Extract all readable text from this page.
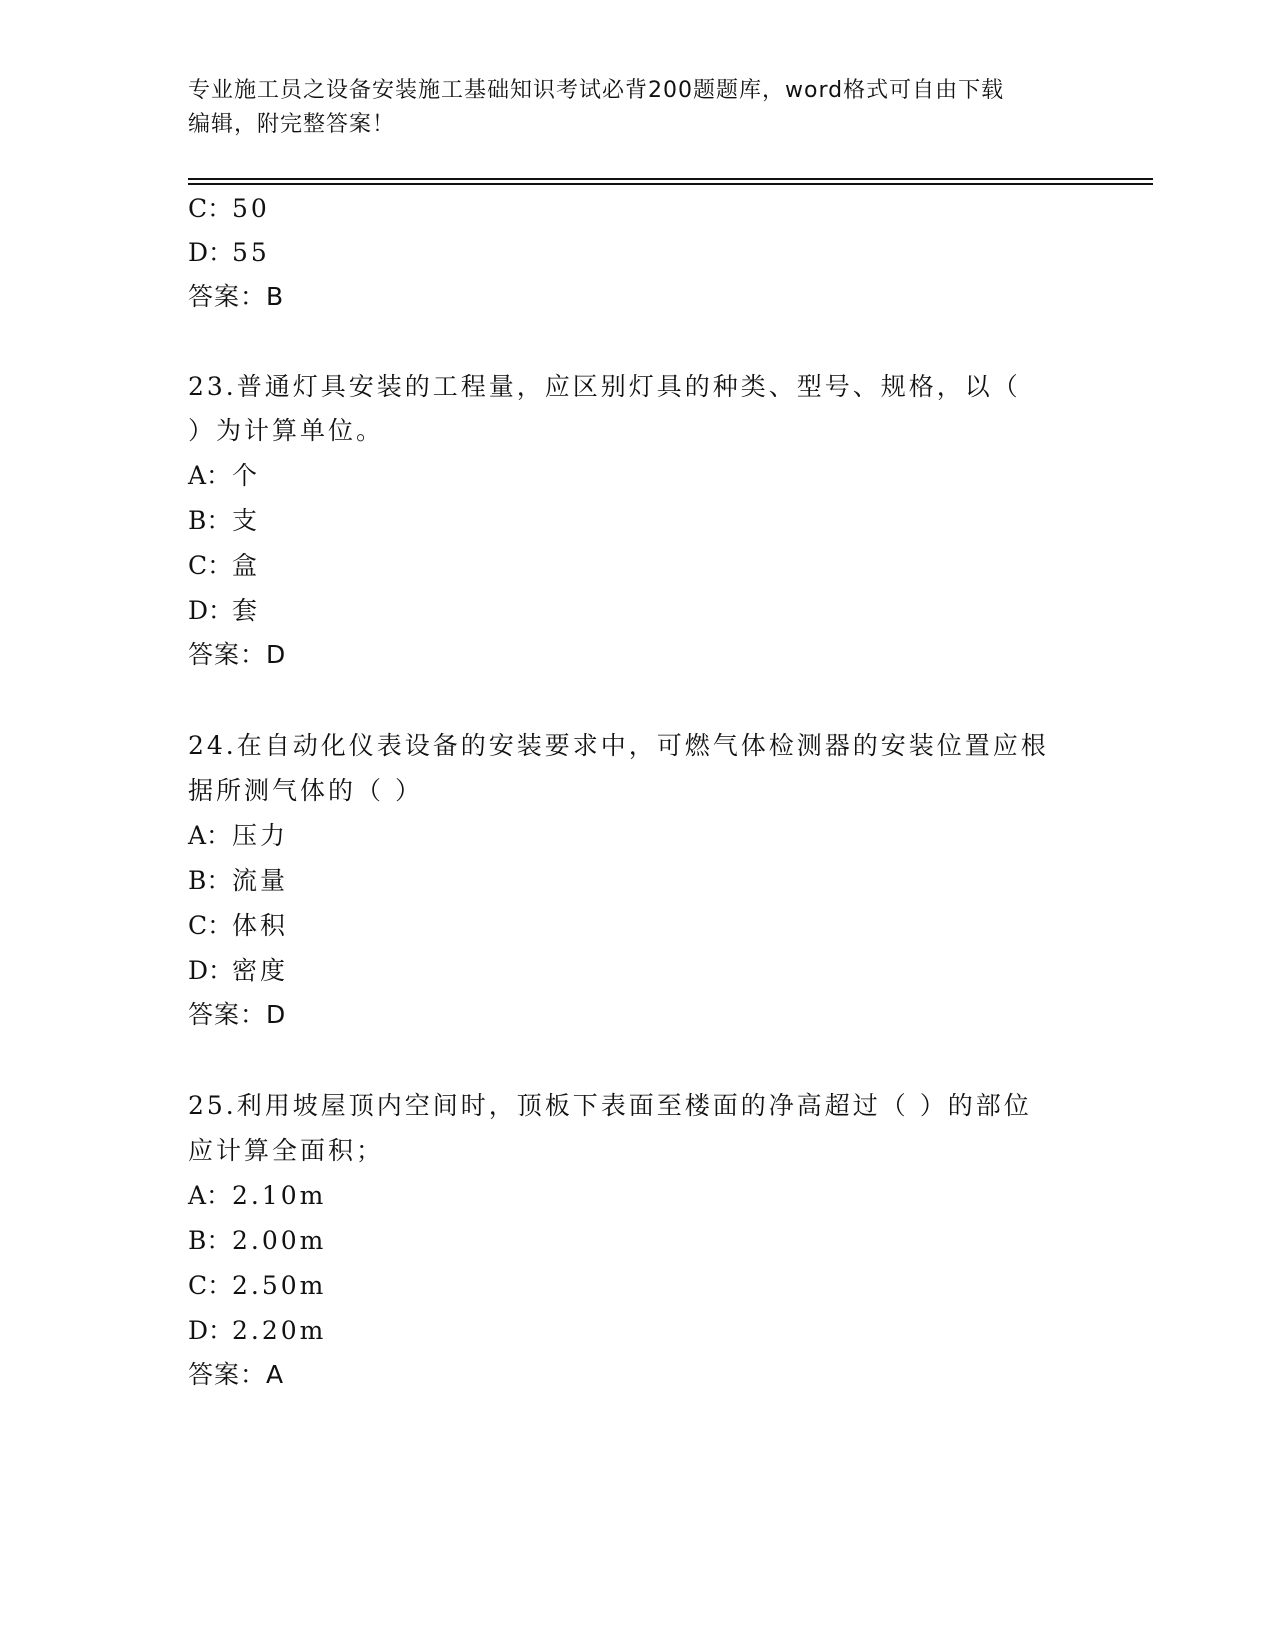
专业施工员之设备安装施工基础知识考试必背200题题库，word格式可自由下载
编辑，附完整答案！
C：50
D：55
答案：B
23.普通灯具安装的工程量，应区别灯具的种类、型号、规格，以（
）为计算单位。
A：个
B：支
C：盒
D：套
答案：D
24.在自动化仪表设备的安装要求中，可燃气体检测器的安装位置应根
据所测气体的（ ）
A：压力
B：流量
C：体积
D：密度
答案：D
25.利用坡屋顶内空间时，顶板下表面至楼面的净高超过（ ）的部位
应计算全面积；
A：2.10m
B：2.00m
C：2.50m
D：2.20m
答案：A
